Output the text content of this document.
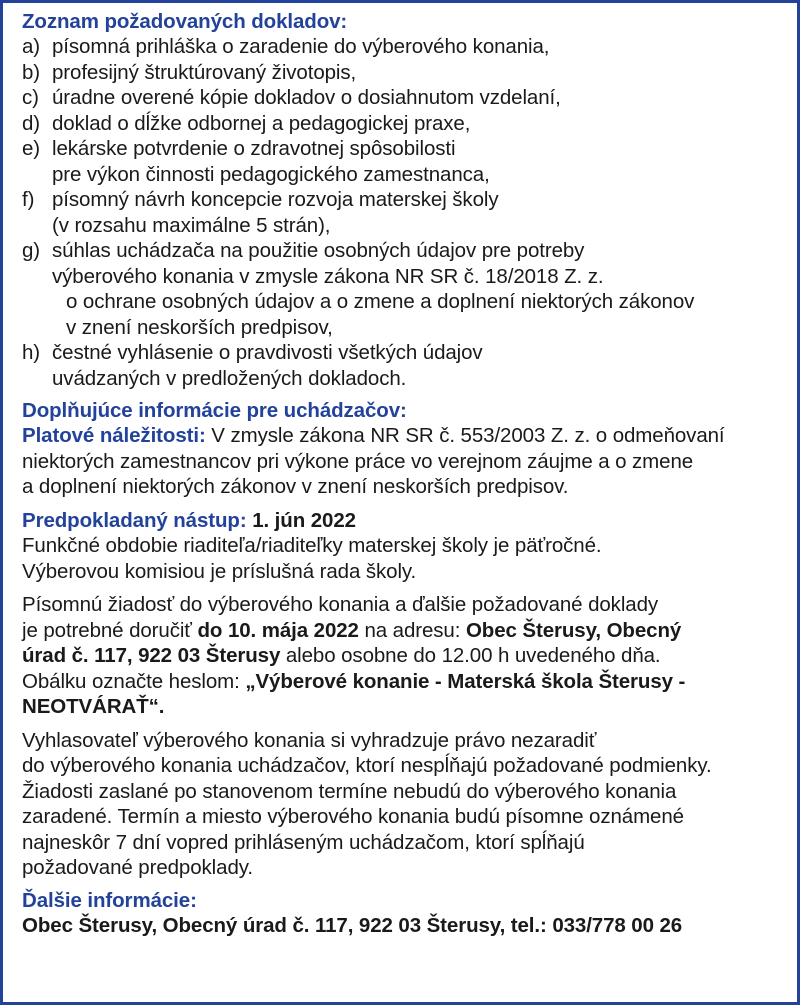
Zoznam požadovaných dokladov:
a) písomná prihláška o zaradenie do výberového konania,
b) profesijný štruktúrovaný životopis,
c) úradne overené kópie dokladov o dosiahnutom vzdelaní,
d) doklad o dĺžke odbornej a pedagogickej praxe,
e) lekárske potvrdenie o zdravotnej spôsobilosti
pre výkon činnosti pedagogického zamestnanca,
f) písomný návrh koncepcie rozvoja materskej školy
(v rozsahu maximálne 5 strán),
g) súhlas uchádzača na použitie osobných údajov pre potreby
výberového konania v zmysle zákona NR SR č. 18/2018 Z. z.
o ochrane osobných údajov a o zmene a doplnení niektorých zákonov
v znení neskorších predpisov,
h) čestné vyhlásenie o pravdivosti všetkých údajov
uvádzaných v predložených dokladoch.
Doplňujúce informácie pre uchádzačov:
Platové náležitosti: V zmysle zákona NR SR č. 553/2003 Z. z. o odmeňovaní
niektorých zamestnancov pri výkone práce vo verejnom záujme a o zmene
a doplnení niektorých zákonov v znení neskorších predpisov.
Predpokladaný nástup: 1. jún 2022
Funkčné obdobie riaditeľa/riaditeľky materskej školy je päťročné.
Výberovou komisiou je príslušná rada školy.
Písomnú žiadosť do výberového konania a ďalšie požadované doklady
je potrebné doručiť do 10. mája 2022 na adresu: Obec Šterusy, Obecný
úrad č. 117, 922 03 Šterusy alebo osobne do 12.00 h uvedeného dňa.
Obálku označte heslom: „Výberové konanie - Materská škola Šterusy -
NEOTVÁRAŤ“.
Vyhlasovateľ výberového konania si vyhradzuje právo nezaradiť
do výberového konania uchádzačov, ktorí nespĺňajú požadované podmienky.
Žiadosti zaslané po stanovenom termíne nebudú do výberového konania
zaradené. Termín a miesto výberového konania budú písomne oznámené
najneskôr 7 dní vopred prihláseným uchádzačom, ktorí spĺňajú
požadované predpoklady.
Ďalšie informácie:
Obec Šterusy, Obecný úrad č. 117, 922 03 Šterusy, tel.: 033/778 00 26
